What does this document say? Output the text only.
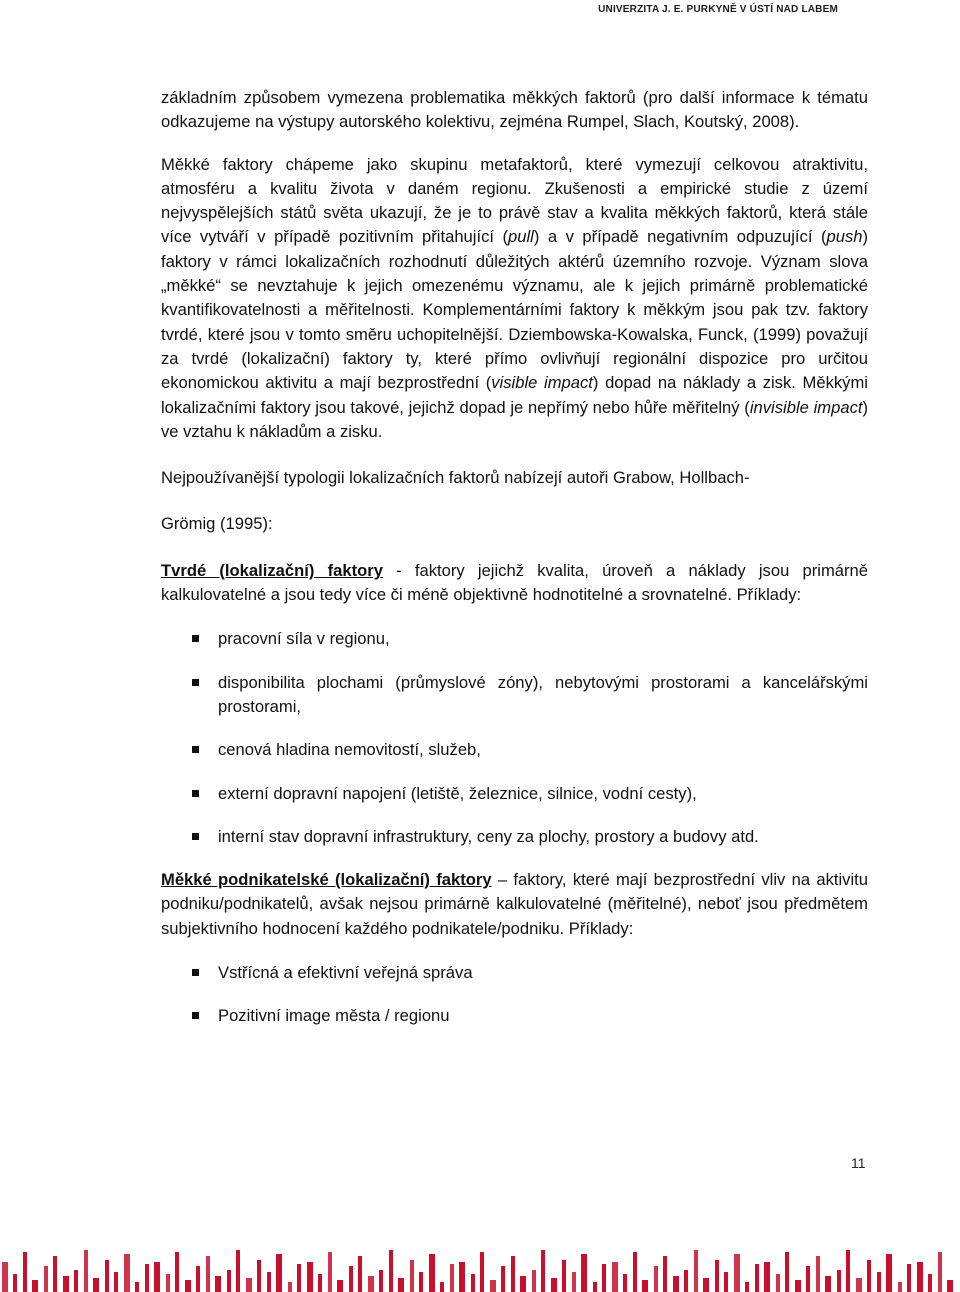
UNIVERZITA J. E. PURKYNĚ V ÚSTÍ NAD LABEM

základním způsobem vymezena problematika měkkých faktorů (pro další informace k tématu odkazujeme na výstupy autorského kolektivu, zejména Rumpel, Slach, Koutský, 2008).

Měkké faktory chápeme jako skupinu metafaktorů, které vymezují celkovou atraktivitu, atmosféru a kvalitu života v daném regionu. Zkušenosti a empirické studie z území nejvyspělejších států světa ukazují, že je to právě stav a kvalita měkkých faktorů, která stále více vytváří v případě pozitivním přitahující (pull) a v případě negativním odpuzující (push) faktory v rámci lokalizačních rozhodnutí důležitých aktérů územního rozvoje. Význam slova „měkké“ se nevztahuje k jejich omezenému významu, ale k jejich primárně problematické kvantifikovatelnosti a měřitelnosti. Komplementárními faktory k měkkým jsou pak tzv. faktory tvrdé, které jsou v tomto směru uchopitelnější. Dziembowska-Kowalska, Funck, (1999) považují za tvrdé (lokalizační) faktory ty, které přímo ovlivňují regionální dispozice pro určitou ekonomickou aktivitu a mají bezprostřední (visible impact) dopad na náklady a zisk. Měkkými lokalizačními faktory jsou takové, jejichž dopad je nepřímý nebo hůře měřitelný (invisible impact) ve vztahu k nákladům a zisku.

Nejpoužívanější typologii lokalizačních faktorů nabízejí autoři Grabow, Hollbach-

Grömig (1995):

Tvrdé (lokalizační) faktory - faktory jejichž kvalita, úroveň a náklady jsou primárně kalkulovatelné a jsou tedy více či méně objektivně hodnotitelné a srovnatelné. Příklady:

pracovní síla v regionu,
disponibilita plochami (průmyslové zóny), nebytovými prostorami a kancelářskými prostorami,
cenová hladina nemovitostí, služeb,
externí dopravní napojení (letiště, železnice, silnice, vodní cesty),
interní stav dopravní infrastruktury, ceny za plochy, prostory a budovy atd.

Měkké podnikatelské (lokalizační) faktory – faktory, které mají bezprostřední vliv na aktivitu podniku/podnikatelů, avšak nejsou primárně kalkulovatelné (měřitelné), neboť jsou předmětem subjektivního hodnocení každého podnikatele/podniku. Příklady:

Vstřícná a efektivní veřejná správa
Pozitivní image města / regionu
11
